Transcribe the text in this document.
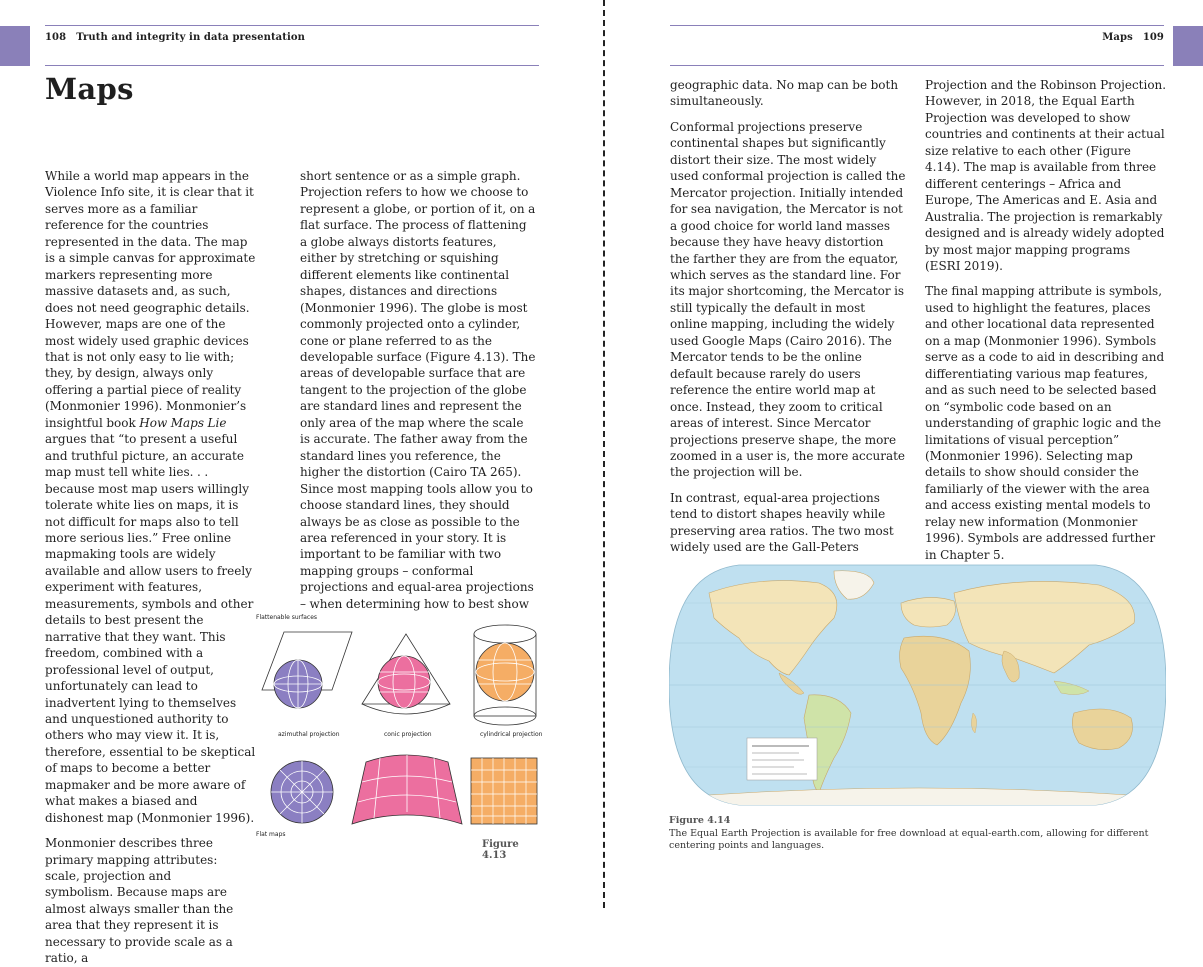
108 Truth and integrity in data presentation
Maps

While a world map appears in the Violence Info site, it is clear that it serves more as a familiar reference for the countries represented in the data. The map is a simple canvas for approximate markers representing more massive datasets and, as such, does not need geographic details. However, maps are one of the most widely used graphic devices that is not only easy to lie with; they, by design, always only offering a partial piece of reality (Monmonier 1996). Monmonier’s insightful book How Maps Lie argues that “to present a useful and truthful picture, an accurate map must tell white lies. . . because most map users willingly tolerate white lies on maps, it is not difficult for maps also to tell more serious lies.” Free online mapmaking tools are widely available and allow users to freely experiment with features, measurements, symbols and other details to best present the narrative that they want. This freedom, combined with a professional level of output, unfortunately can lead to inadvertent lying to themselves and unquestioned authority to others who may view it. It is, therefore, essential to be skeptical of maps to become a better mapmaker and be more aware of what makes a biased and dishonest map (Monmonier 1996).

Monmonier describes three primary mapping attributes: scale, projection and symbolism. Because maps are almost always smaller than the area that they represent it is necessary to provide scale as a ratio, a

short sentence or as a simple graph. Projection refers to how we choose to represent a globe, or portion of it, on a flat surface. The process of flattening a globe always distorts features, either by stretching or squishing different elements like continental shapes, distances and directions (Monmonier 1996). The globe is most commonly projected onto a cylinder, cone or plane referred to as the developable surface (Figure 4.13). The areas of developable surface that are tangent to the projection of the globe are standard lines and represent the only area of the map where the scale is accurate. The father away from the standard lines you reference, the higher the distortion (Cairo TA 265). Since most mapping tools allow you to choose standard lines, they should always be as close as possible to the area referenced in your story. It is important to be familiar with two mapping groups – conformal projections and equal-area projections – when determining how to best show

Flattenable surfaces
azimuthal projection	conic projection	cylindrical projection
Flat maps
Figure 4.13
Maps 109

geographic data. No map can be both simultaneously.

Conformal projections preserve continental shapes but significantly distort their size. The most widely used conformal projection is called the Mercator projection. Initially intended for sea navigation, the Mercator is not a good choice for world land masses because they have heavy distortion the farther they are from the equator, which serves as the standard line. For its major shortcoming, the Mercator is still typically the default in most online mapping, including the widely used Google Maps (Cairo 2016). The Mercator tends to be the online default because rarely do users reference the entire world map at once. Instead, they zoom to critical areas of interest. Since Mercator projections preserve shape, the more zoomed in a user is, the more accurate the projection will be.

In contrast, equal-area projections tend to distort shapes heavily while preserving area ratios. The two most widely used are the Gall-Peters

Projection and the Robinson Projection. However, in 2018, the Equal Earth Projection was developed to show countries and continents at their actual size relative to each other (Figure 4.14). The map is available from three different centerings – Africa and Europe, The Americas and E. Asia and Australia. The projection is remarkably designed and is already widely adopted by most major mapping programs (ESRI 2019).

The final mapping attribute is symbols, used to highlight the features, places and other locational data represented on a map (Monmonier 1996). Symbols serve as a code to aid in describing and differentiating various map features, and as such need to be selected based on “symbolic code based on an understanding of graphic logic and the limitations of visual perception” (Monmonier 1996). Selecting map details to show should consider the familiarly of the viewer with the area and access existing mental models to relay new information (Monmonier 1996). Symbols are addressed further in Chapter 5.

Figure 4.14
The Equal Earth Projection is available for free download at equal-earth.com, allowing for different centering points and languages.
